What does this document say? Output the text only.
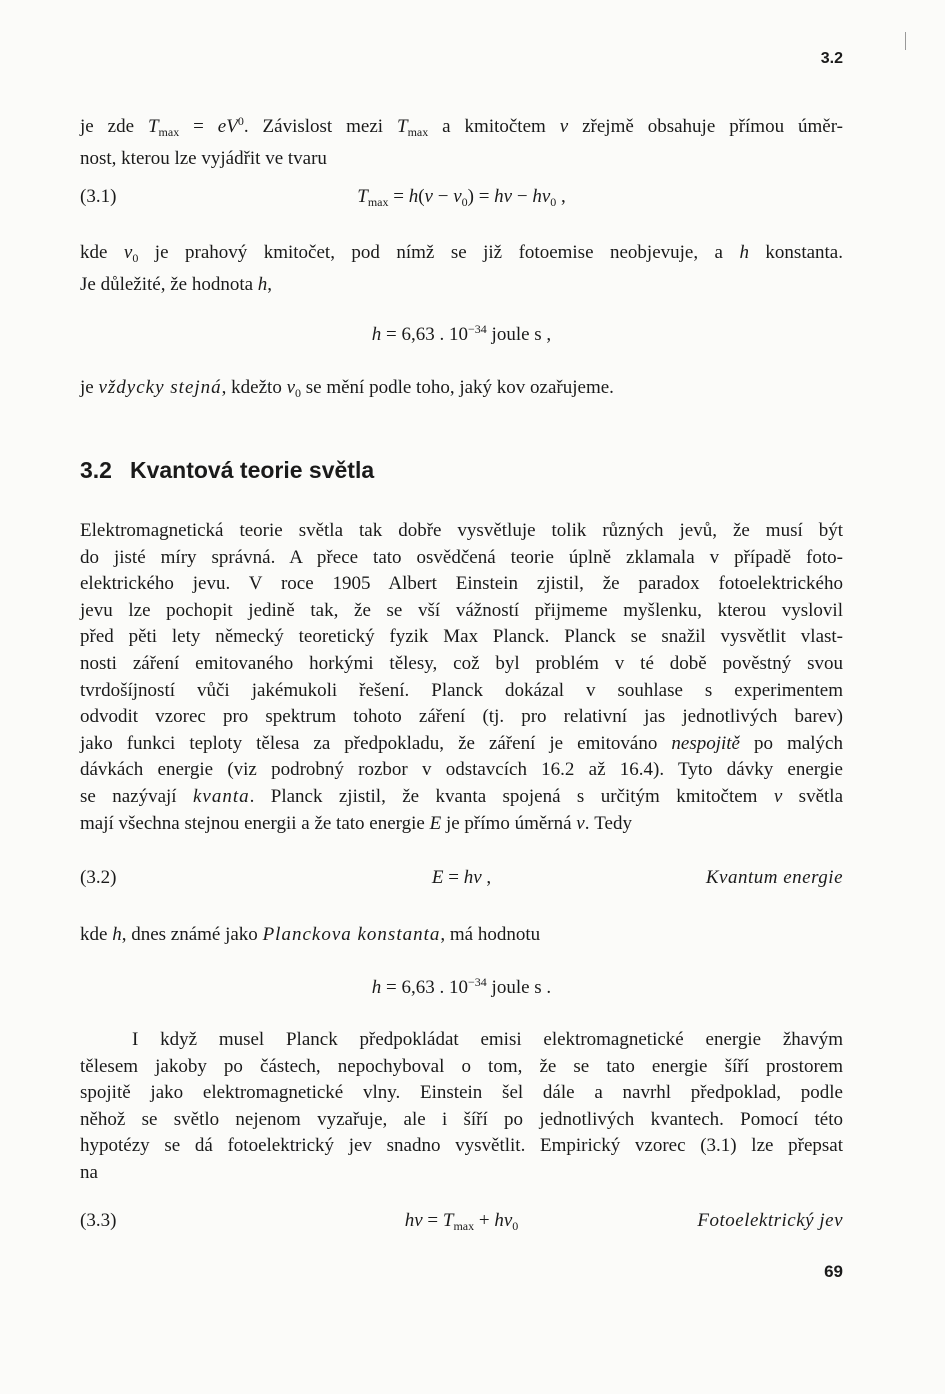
3.2

je zde $T_{max} = eV^0$. Závislost mezi $T_{max}$ a kmitočtem ν zřejmě obsahuje přímou úměr-
nost, kterou lze vyjádřit ve tvaru

(3.1)	$T_{max} = h(\nu - \nu_0) = h\nu - h\nu_0$ ,

kde $\nu_0$ je prahový kmitočet, pod nímž se již fotoemise neobjevuje, a h konstanta.
Je důležité, že hodnota h,

h = 6,63 . $10^{-34}$ joule s ,

je vždycky stejná, kdežto $\nu_0$ se mění podle toho, jaký kov ozařujeme.

3.2 Kvantová teorie světla

Elektromagnetická teorie světla tak dobře vysvětluje tolik různých jevů, že musí být
do jisté míry správná. A přece tato osvědčená teorie úplně zklamala v případě foto-
elektrického jevu. V roce 1905 Albert Einstein zjistil, že paradox fotoelektrického
jevu lze pochopit jedině tak, že se vší vážností přijmeme myšlenku, kterou vyslovil
před pěti lety německý teoretický fyzik Max Planck. Planck se snažil vysvětlit vlast-
nosti záření emitovaného horkými tělesy, což byl problém v té době pověstný svou
tvrdošíjností vůči jakémukoli řešení. Planck dokázal v souhlase s experimentem
odvodit vzorec pro spektrum tohoto záření (tj. pro relativní jas jednotlivých barev)
jako funkci teploty tělesa za předpokladu, že záření je emitováno nespojitě po malých
dávkách energie (viz podrobný rozbor v odstavcích 16.2 až 16.4). Tyto dávky energie
se nazývají kvanta. Planck zjistil, že kvanta spojená s určitým kmitočtem ν světla
mají všechna stejnou energii a že tato energie E je přímo úměrná ν. Tedy

(3.2)	E = hν ,	Kvantum energie

kde h, dnes známé jako Planckova konstanta, má hodnotu

h = 6,63 . $10^{-34}$ joule s .

I když musel Planck předpokládat emisi elektromagnetické energie žhavým
tělesem jakoby po částech, nepochyboval o tom, že se tato energie šíří prostorem
spojitě jako elektromagnetické vlny. Einstein šel dále a navrhl předpoklad, podle
něhož se světlo nejenom vyzařuje, ale i šíří po jednotlivých kvantech. Pomocí této
hypotézy se dá fotoelektrický jev snadno vysvětlit. Empirický vzorec (3.1) lze přepsat
na

(3.3)	$h\nu = T_{max} + h\nu_0$	Fotoelektrický jev
69
